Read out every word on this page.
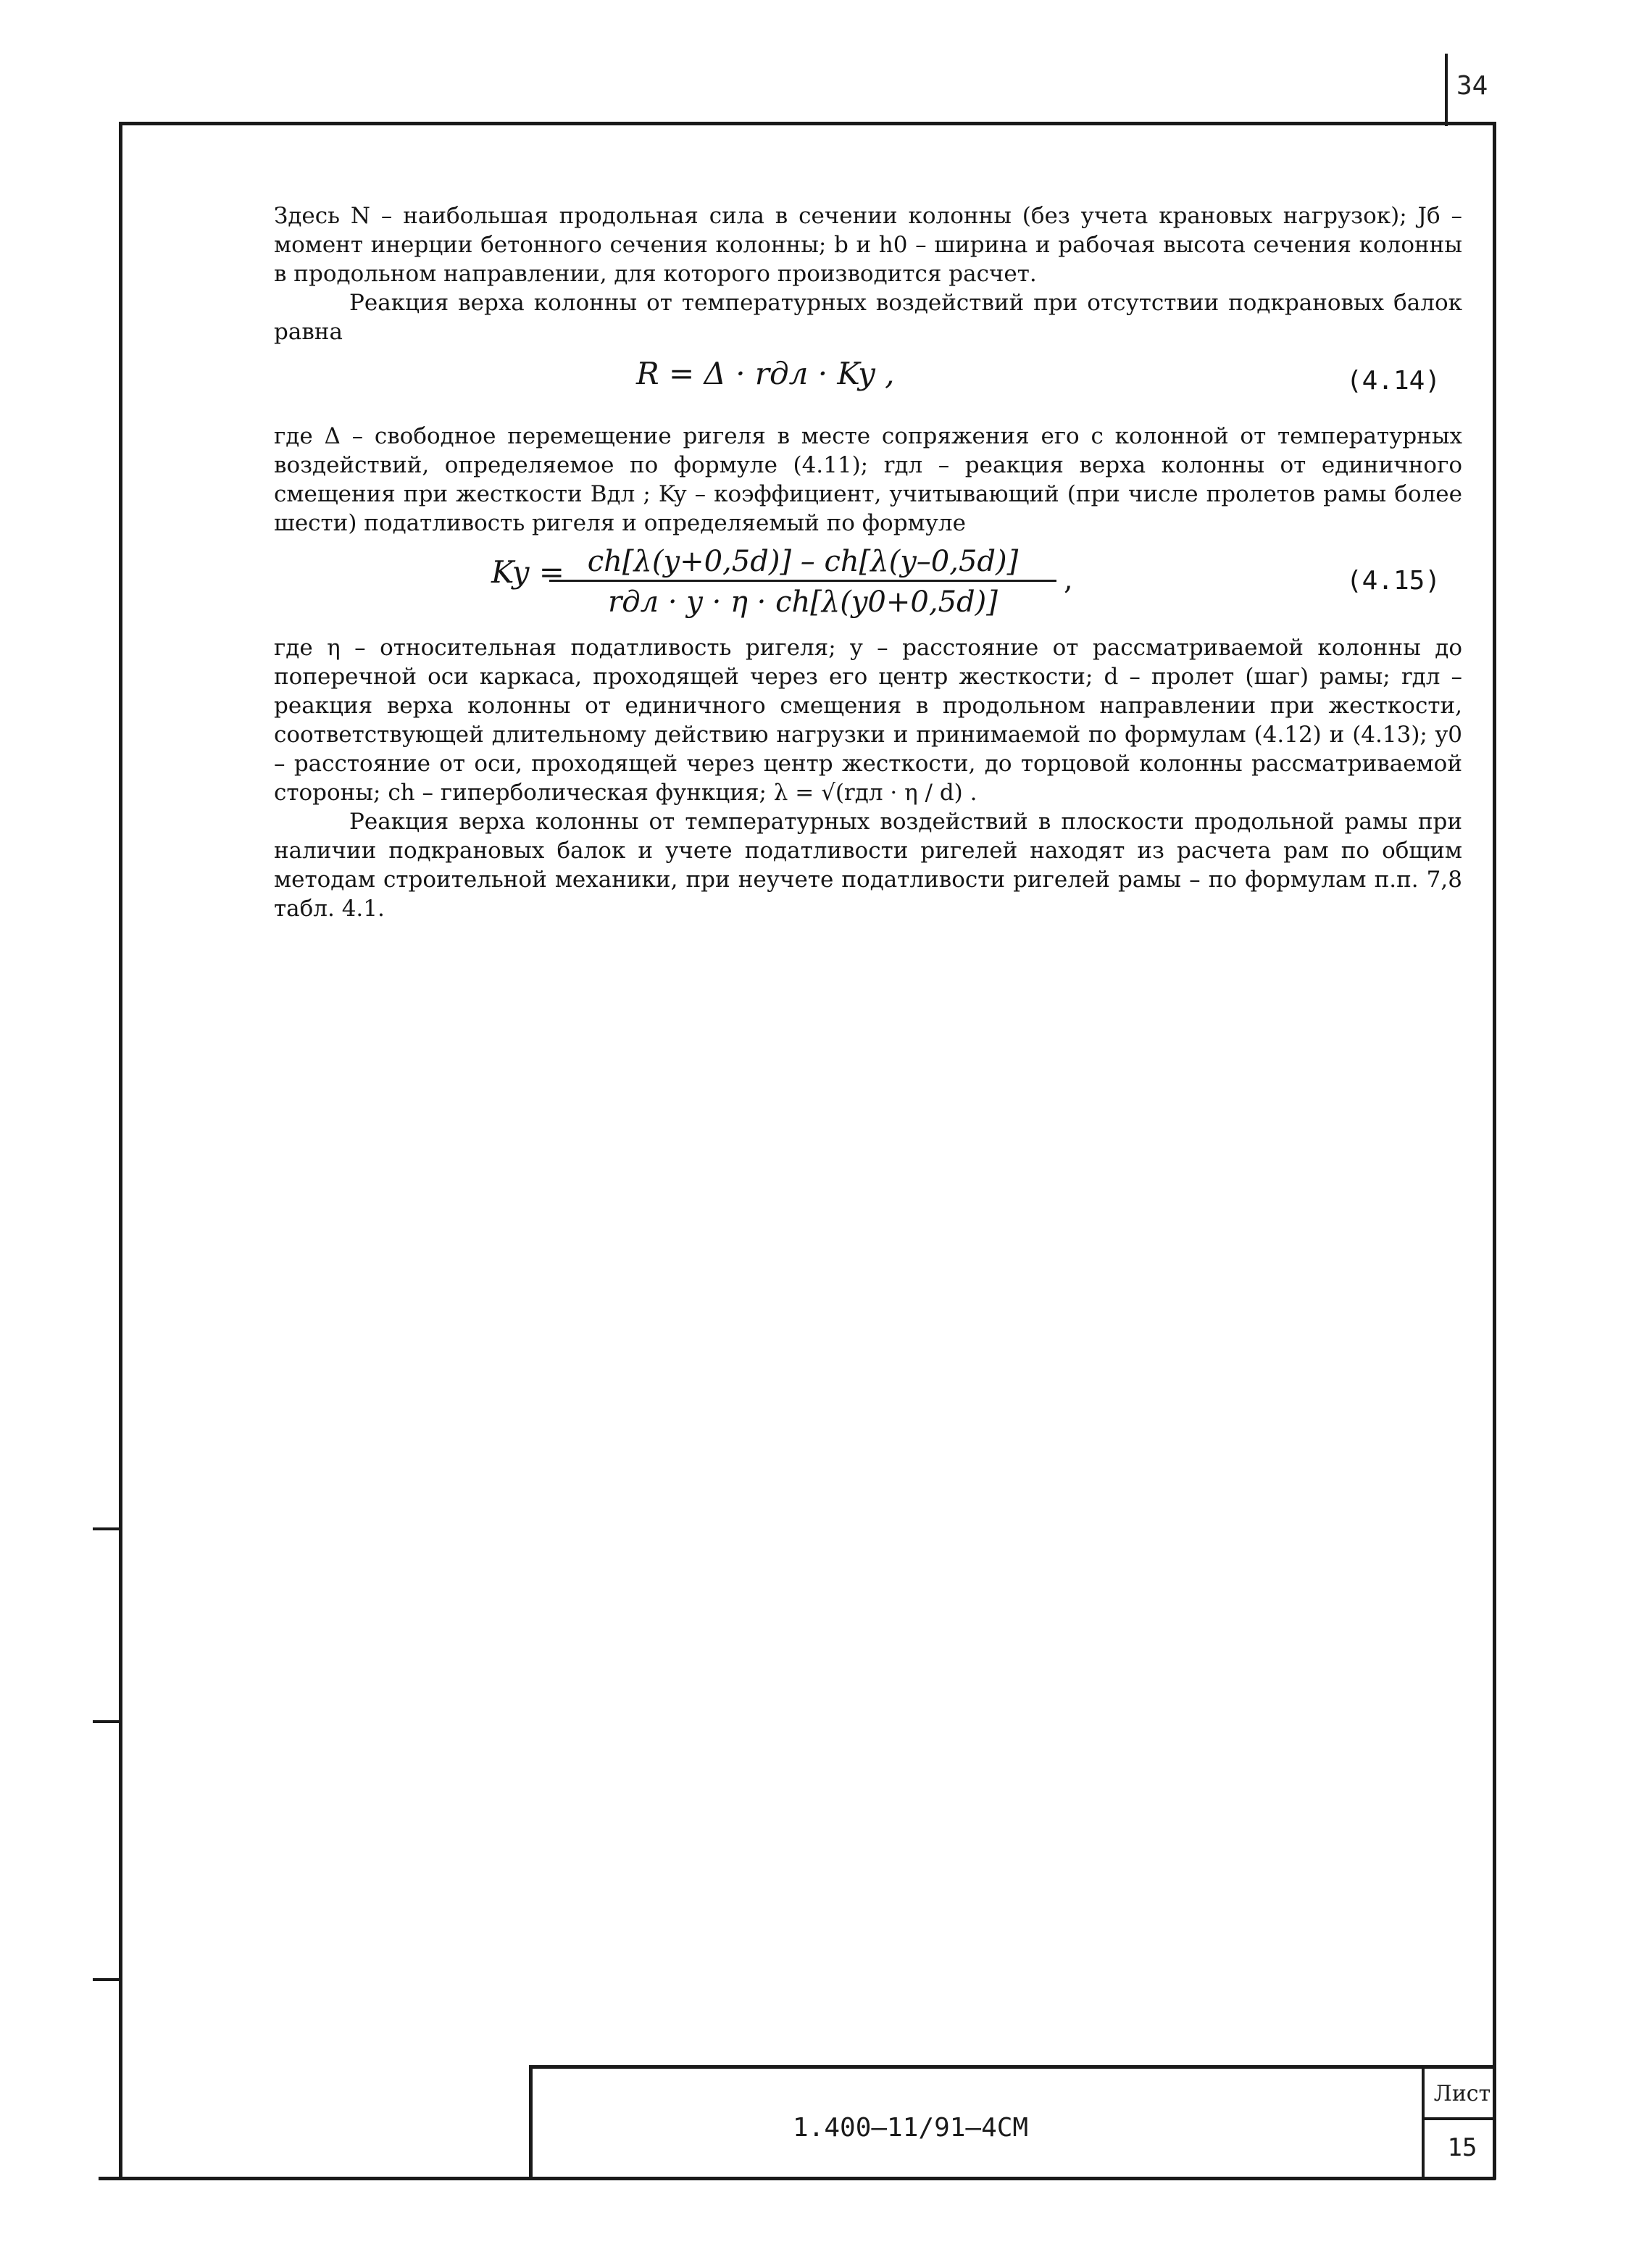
34

Здесь N – наибольшая продольная сила в сечении колонны (без учета крановых нагрузок); Jб – момент инерции бетонного сечения колонны; b и h0 – ширина и рабочая высота сечения колонны в продольном направлении, для которого производится расчет.

Реакция верха колонны от температурных воздействий при отсутствии подкрановых балок равна

R = Δ · rдл · Ky ,	(4.14)

где Δ – свободное перемещение ригеля в месте сопряжения его с колонной от температурных воздействий, определяемое по формуле (4.11); rдл – реакция верха колонны от единичного смещения при жесткости Bдл ; Ky – коэффициент, учитывающий (при числе пролетов рамы более шести) податливость ригеля и определяемый по формуле

Ky = ch[λ(y+0,5d)] – ch[λ(y–0,5d)]
rдл · y · η · ch[λ(y0+0,5d)]
,	(4.15)

где η – относительная податливость ригеля; y – расстояние от рассматриваемой колонны до поперечной оси каркаса, проходящей через его центр жесткости; d – пролет (шаг) рамы; rдл – реакция верха колонны от единичного смещения в продольном направлении при жесткости, соответствующей длительному действию нагрузки и принимаемой по формулам (4.12) и (4.13); y0 – расстояние от оси, проходящей через центр жесткости, до торцовой колонны рассматриваемой стороны; ch – гиперболическая функция; λ = √(rдл · η / d) .

Реакция верха колонны от температурных воздействий в плоскости продольной рамы при наличии подкрановых балок и учете податливости ригелей находят из расчета рам по общим методам строительной механики, при неучете податливости ригелей рамы – по формулам п.п. 7,8 табл. 4.1.

1.400–11/91–4СМ
Лист
15
